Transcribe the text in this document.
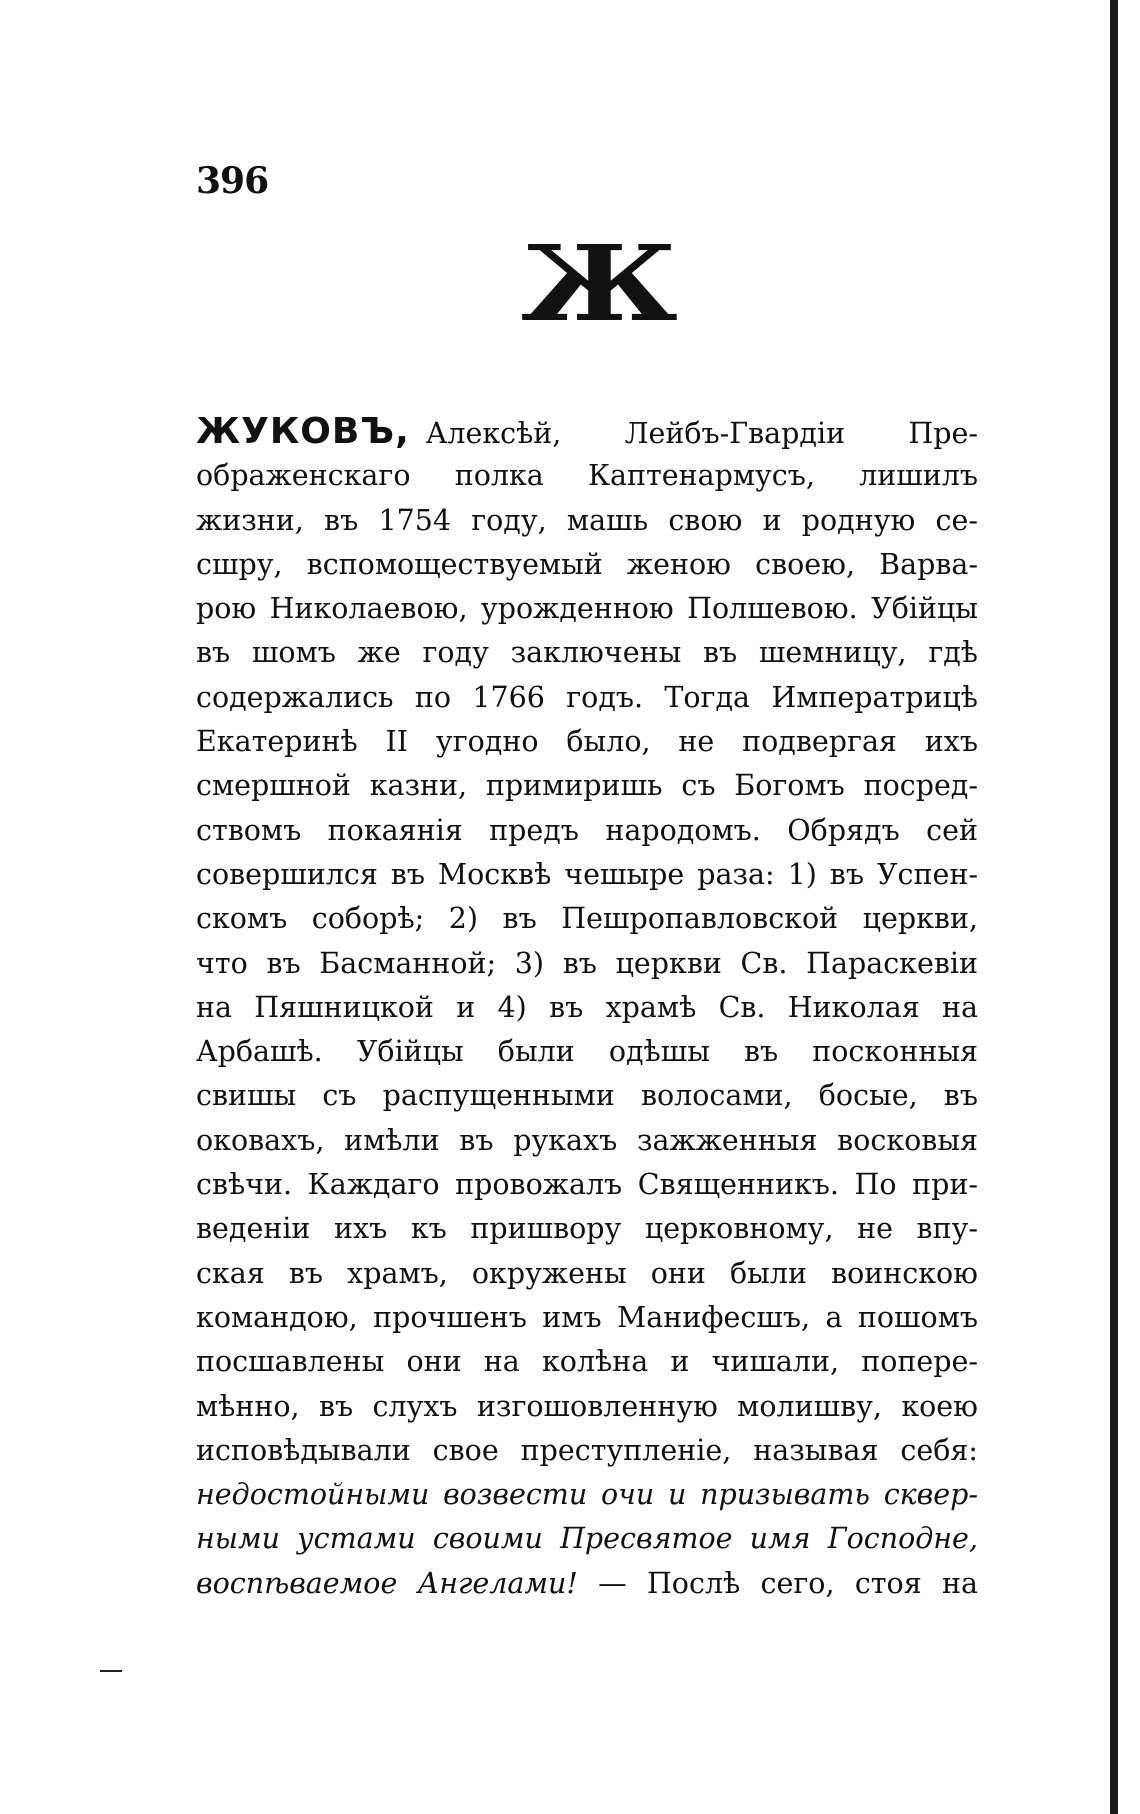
396
Ж
ЖУКОВЪ, Алексѣй, Лейбъ-Гвардіи Пре-
ображенскаго полка Каптенармусъ, лишилъ
жизни, въ 1754 году, машь свою и родную се-
сшру, вспомоществуемый женою своею, Варва-
рою Николаевою, урожденною Полшевою. Убійцы
въ шомъ же году заключены въ шемницу, гдѣ
содержались по 1766 годъ. Тогда Императрицѣ
Екатеринѣ II угодно было, не подвергая ихъ
смершной казни, примиришь съ Богомъ посред-
ствомъ покаянія предъ народомъ. Обрядъ сей
совершился въ Москвѣ чешыре раза: 1) въ Успен-
скомъ соборѣ; 2) въ Пешропавловской церкви,
что въ Басманной; 3) въ церкви Св. Параскевіи
на Пяшницкой и 4) въ храмѣ Св. Николая на
Арбашѣ. Убійцы были одѣшы въ посконныя
свишы съ распущенными волосами, босые, въ
оковахъ, имѣли въ рукахъ зажженныя восковыя
свѣчи. Каждаго провожалъ Священникъ. По при-
веденіи ихъ къ пришвору церковному, не впу-
ская въ храмъ, окружены они были воинскою
командою, прочшенъ имъ Манифесшъ, а пошомъ
посшавлены они на колѣна и чишали, попере-
мѣнно, въ слухъ изгошовленную молишву, коею
исповѣдывали свое преступленіе, называя себя:
недостойными возвести очи и призывать сквер-
ными устами своими Пресвятое имя Господне,
воспѣваемое Ангелами! — Послѣ сего, стоя на
